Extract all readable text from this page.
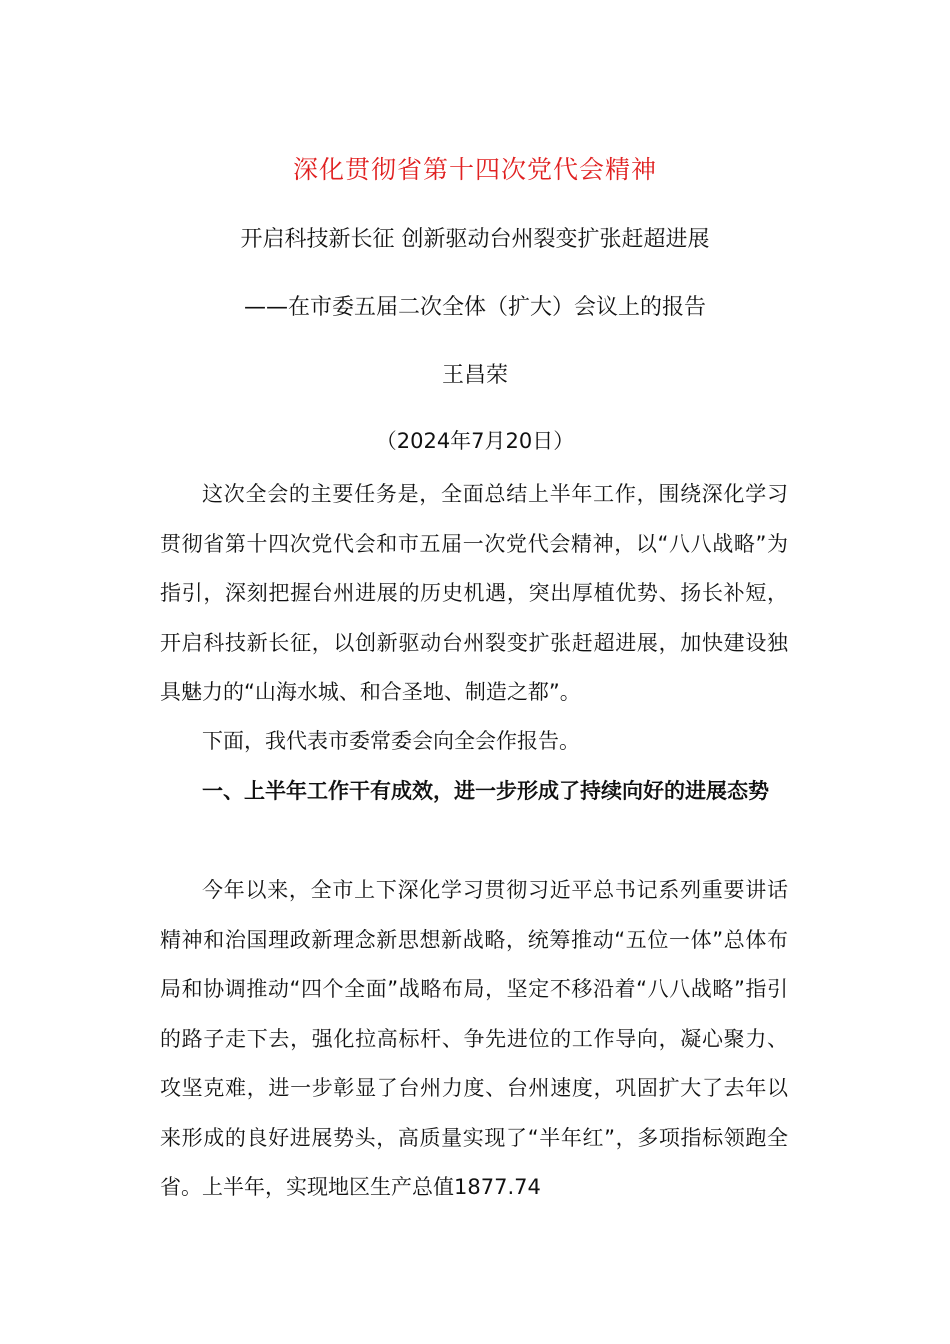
深化贯彻省第十四次党代会精神
开启科技新长征 创新驱动台州裂变扩张赶超进展
——在市委五届二次全体（扩大）会议上的报告
王昌荣
（2024年7月20日）

这次全会的主要任务是，全面总结上半年工作，围绕深化学习贯彻省第十四次党代会和市五届一次党代会精神，以“八八战略”为指引，深刻把握台州进展的历史机遇，突出厚植优势、扬长补短，开启科技新长征，以创新驱动台州裂变扩张赶超进展，加快建设独具魅力的“山海水城、和合圣地、制造之都”。

下面，我代表市委常委会向全会作报告。

一、上半年工作干有成效，进一步形成了持续向好的进展态势

今年以来，全市上下深化学习贯彻习近平总书记系列重要讲话精神和治国理政新理念新思想新战略，统筹推动“五位一体”总体布局和协调推动“四个全面”战略布局，坚定不移沿着“八八战略”指引的路子走下去，强化拉高标杆、争先进位的工作导向，凝心聚力、攻坚克难，进一步彰显了台州力度、台州速度，巩固扩大了去年以来形成的良好进展势头，高质量实现了“半年红”，多项指标领跑全省。上半年，实现地区生产总值1877.74
